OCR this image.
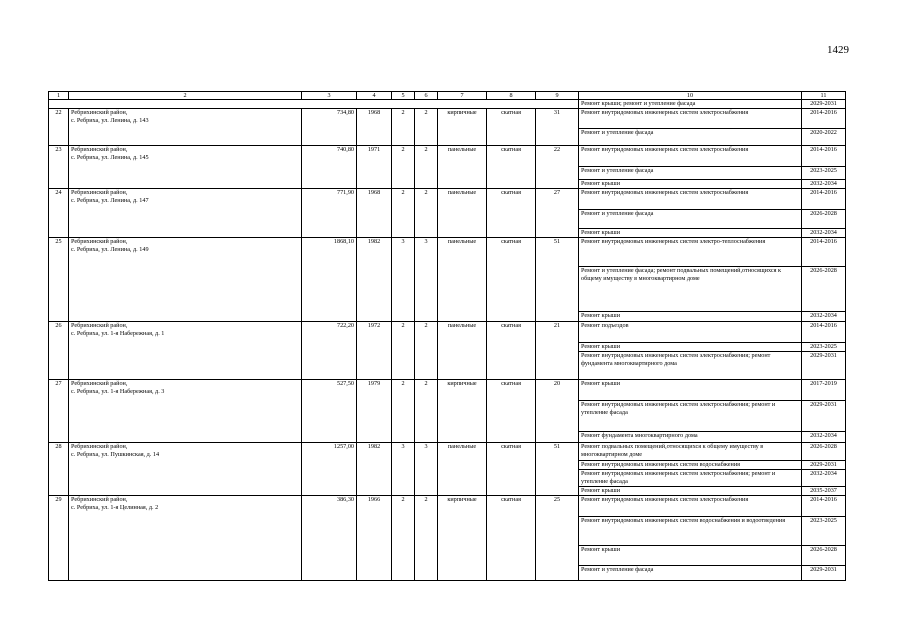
1429
1	2	3	4	5	6	7	8	9	10	11
									Ремонт крыши; ремонт и утепление фасада	2029-2031
22	Ребрихинский район,
с. Ребриха, ул. Ленина, д. 143	734,80	1968	2	2	кирпичные	скатная	31	Ремонт внутридомовых инженерных систем электроснабжения	2014-2016
									Ремонт и утепление фасада	2020-2022
23	Ребрихинский район,
с. Ребриха, ул. Ленина, д. 145	740,80	1971	2	2	панельные	скатная	22	Ремонт внутридомовых инженерных систем электроснабжения	2014-2016
									Ремонт и утепление фасада	2023-2025
									Ремонт крыши	2032-2034
24	Ребрихинский район,
с. Ребриха, ул. Ленина, д. 147	771,90	1968	2	2	панельные	скатная	27	Ремонт внутридомовых инженерных систем электроснабжения	2014-2016
									Ремонт и утепление фасада	2026-2028
									Ремонт крыши	2032-2034
25	Ребрихинский район,
с. Ребриха, ул. Ленина, д. 149	1868,10	1982	3	3	панельные	скатная	51	Ремонт внутридомовых инженерных систем электро-теплоснабжения	2014-2016
									Ремонт и утепление фасада; ремонт подвальных помещений,относящихся к общему имуществу в многоквартирном доме	2026-2028
									Ремонт крыши	2032-2034
26	Ребрихинский район,
с. Ребриха, ул. 1-я Набережная, д. 1	722,20	1972	2	2	панельные	скатная	21	Ремонт подъездов	2014-2016
									Ремонт крыши	2023-2025
									Ремонт внутридомовых инженерных систем электроснабжения; ремонт фундамента многоквартирного дома	2029-2031
27	Ребрихинский район,
с. Ребриха, ул. 1-я Набережная, д. 3	527,50	1979	2	2	кирпичные	скатная	20	Ремонт крыши	2017-2019
									Ремонт внутридомовых инженерных систем электроснабжения; ремонт и утепление фасада	2029-2031
									Ремонт фундамента многоквартирного дома	2032-2034
28	Ребрихинский район,
с. Ребриха, ул. Пушкинская, д. 14	1257,00	1982	3	3	панельные	скатная	51	Ремонт подвальных помещений,относящихся к общему имуществу в многоквартирном доме	2026-2028
									Ремонт внутридомовых инженерных систем водоснабжения	2029-2031
									Ремонт внутридомовых инженерных систем электроснабжения; ремонт и утепление фасада	2032-2034
									Ремонт крыши	2035-2037
29	Ребрихинский район,
с. Ребриха, ул. 1-я Целинная, д. 2	386,30	1966	2	2	кирпичные	скатная	25	Ремонт внутридомовых инженерных систем электроснабжения	2014-2016
									Ремонт внутридомовых инженерных систем водоснабжения и водоотведения	2023-2025
									Ремонт крыши	2026-2028
									Ремонт и утепление фасада	2029-2031
